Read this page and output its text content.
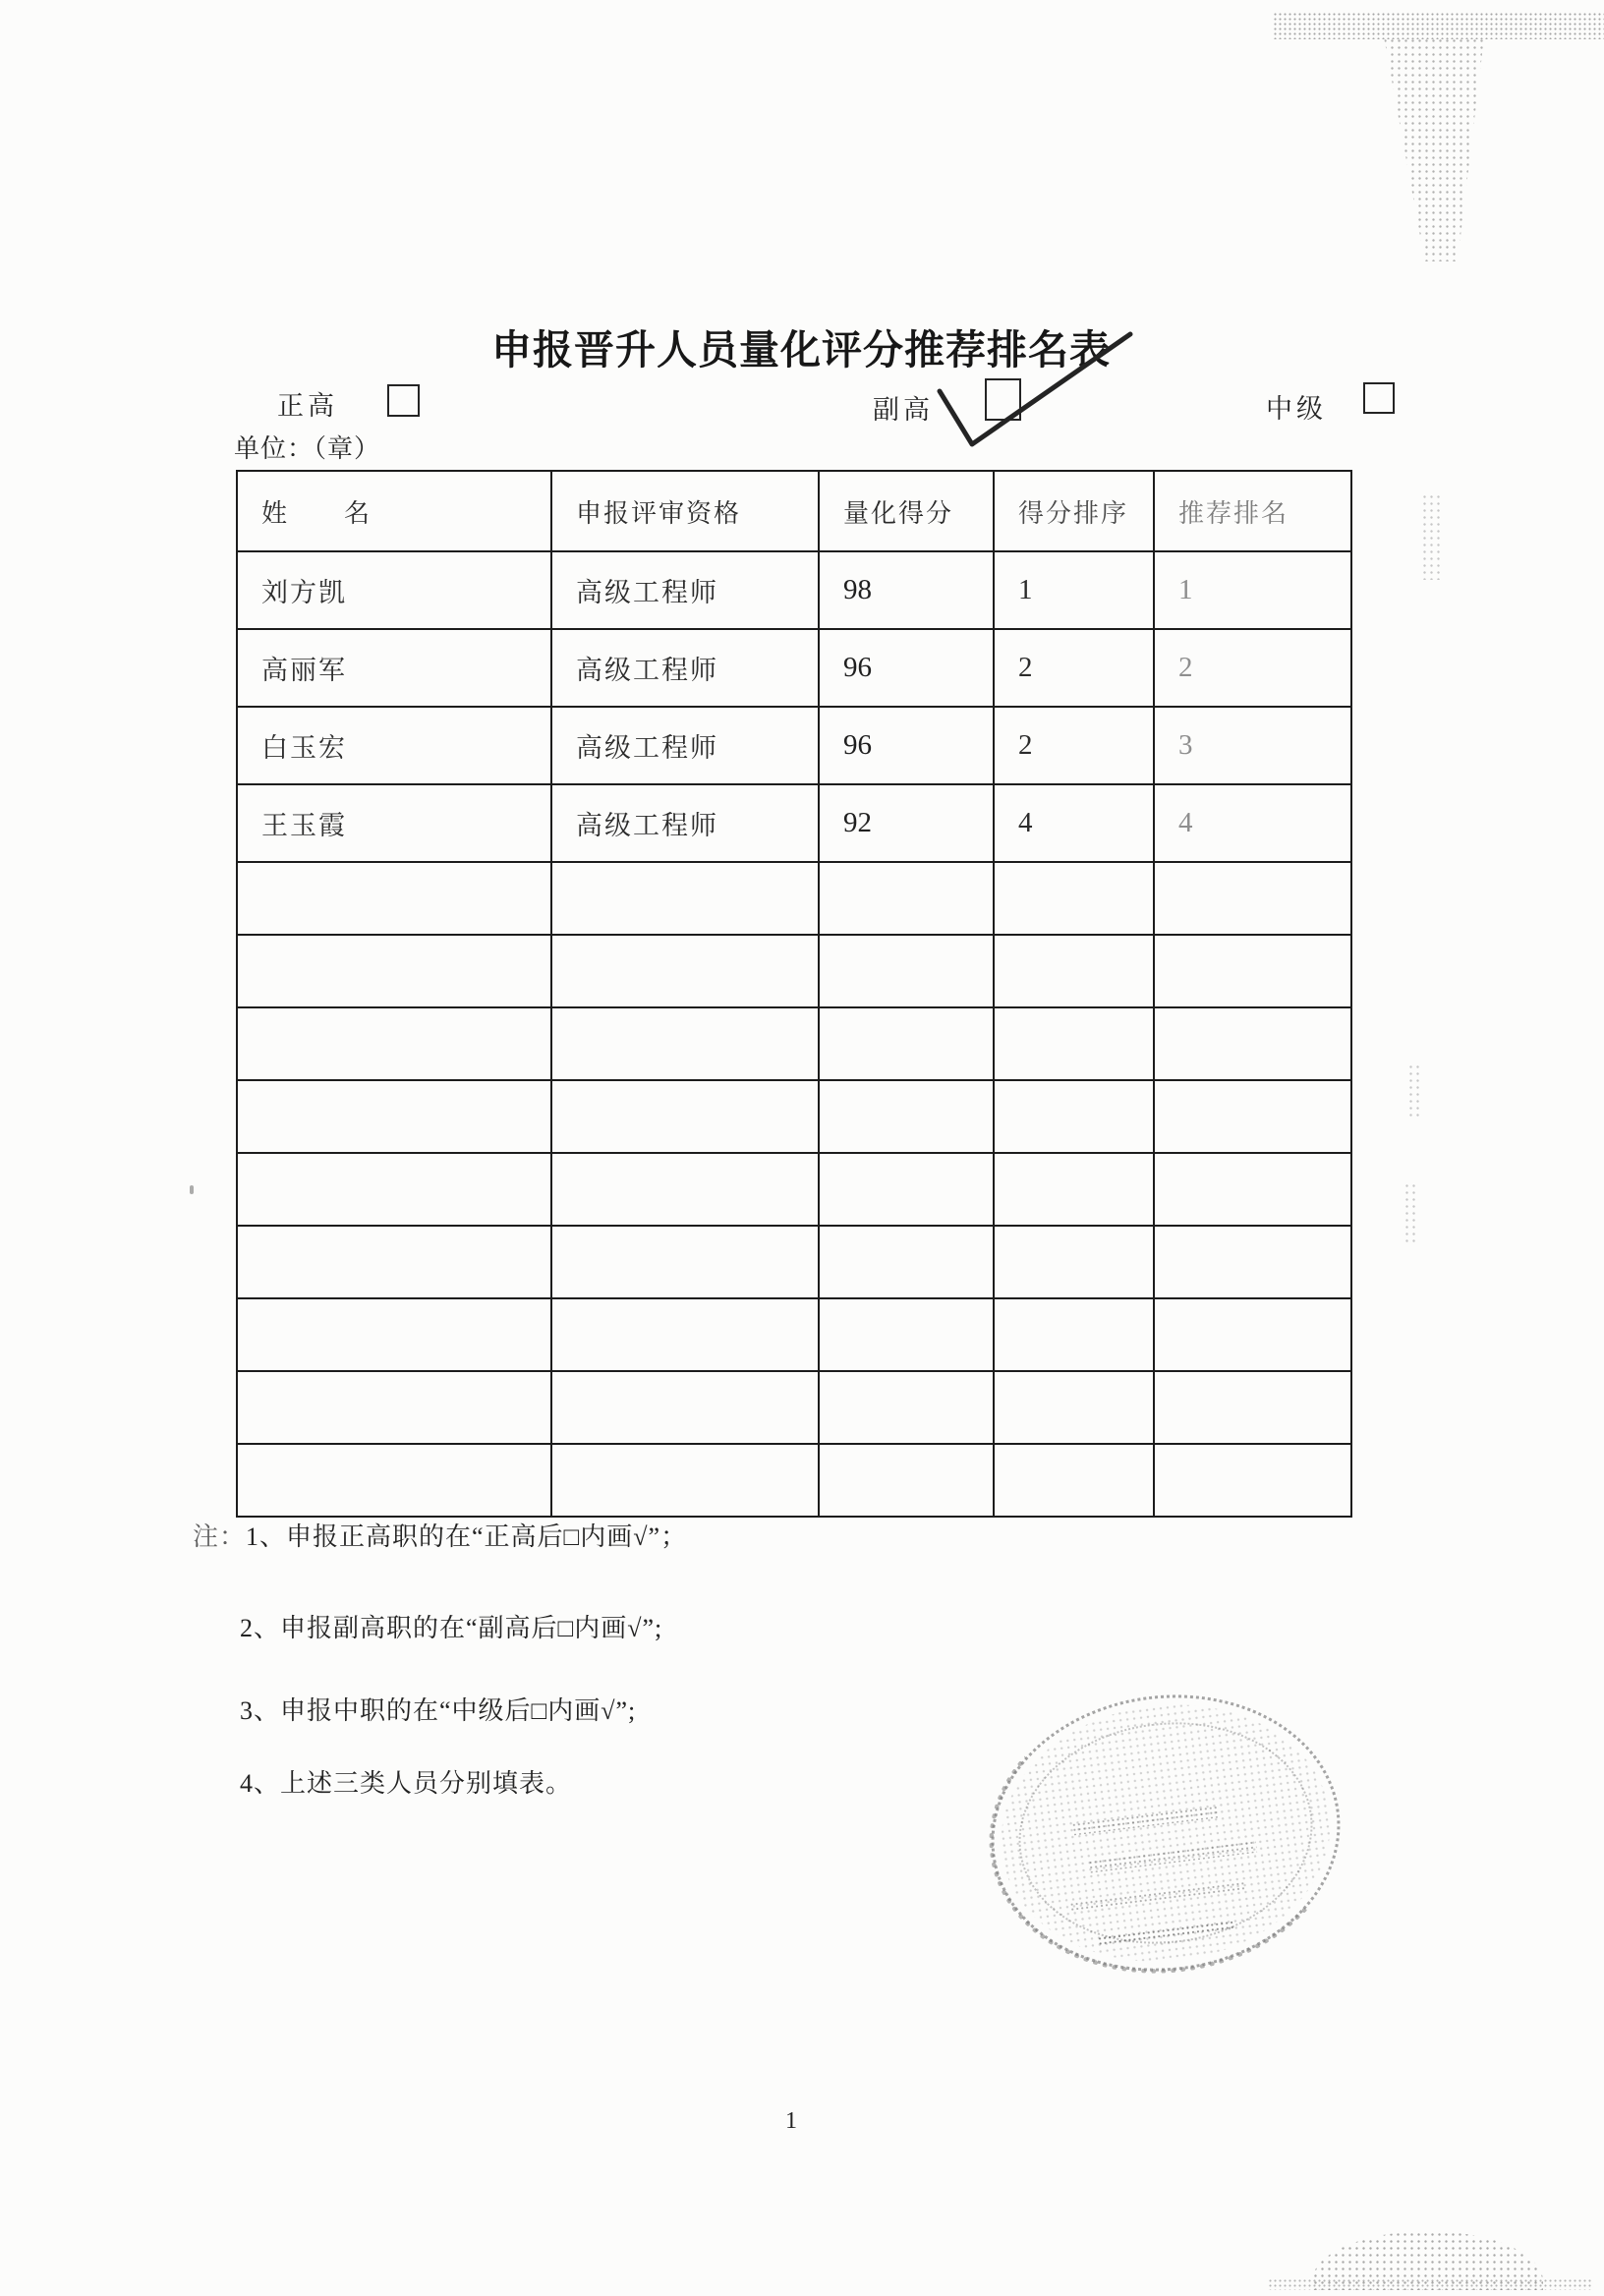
申报晋升人员量化评分推荐排名表
正高	副高	中级
单位：（章）
姓　　名	申报评审资格	量化得分	得分排序	推荐排名
刘方凯	高级工程师	98	1	1
高丽军	高级工程师	96	2	2
白玉宏	高级工程师	96	2	3
王玉霞	高级工程师	92	4	4

注：1、申报正高职的在“正高后□内画√”；
2、申报副高职的在“副高后□内画√”;
3、申报中职的在“中级后□内画√”;
4、上述三类人员分别填表。
1
